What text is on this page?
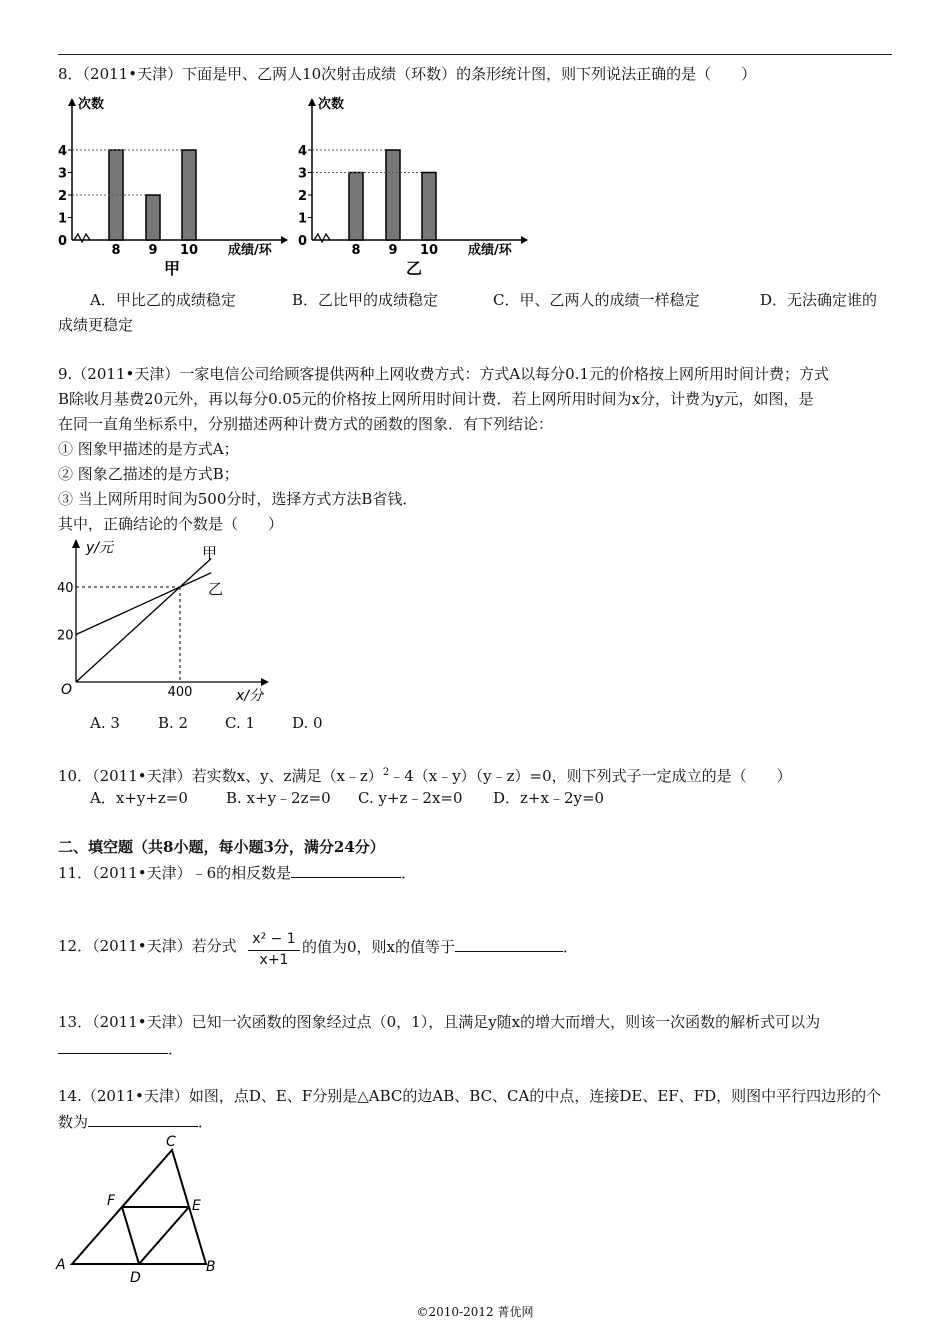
8．（2011•天津）下面是甲、乙两人10次射击成绩（环数）的条形统计图，则下列说法正确的是（　　）
次数
成绩/环
甲
0
1
2
3
4
8 9 10
次数
成绩/环
乙
0
1
2
3
4
8 9 10
A．甲比乙的成绩稳定	B．乙比甲的成绩稳定	C．甲、乙两人的成绩一样稳定	D．无法确定谁的
成绩更稳定
9.（2011•天津）一家电信公司给顾客提供两种上网收费方式：方式A以每分0.1元的价格按上网所用时间计费；方式
B除收月基费20元外，再以每分0.05元的价格按上网所用时间计费．若上网所用时间为x分，计费为y元，如图，是
在同一直角坐标系中，分别描述两种计费方式的函数的图象．有下列结论：
① 图象甲描述的是方式A；
② 图象乙描述的是方式B；
③ 当上网所用时间为500分时，选择方式方法B省钱．
其中，正确结论的个数是（　　）
y/元
x/分
O
甲
乙
40
20
400
A. 3	B. 2 C. 1 D. 0
10．（2011•天津）若实数x、y、z满足（x﹣z）$^2$﹣4（x﹣y）（y﹣z）=0，则下列式子一定成立的是（　　）
A．x+y+z=0	B. x+y﹣2z=0 C. y+z﹣2x=0 D．z+x﹣2y=0
二、填空题（共8小题，每小题3分，满分24分）
11．（2011•天津）﹣6的相反数是	．
12．（2011•天津）若分式 $\frac{\text{x² − 1}}{x+1}$ 的值为0，则x的值等于	．
13．（2011•天津）已知一次函数的图象经过点（0，1），且满足y随x的增大而增大，则该一次函数的解析式可以为
．
14.（2011•天津）如图，点D、E、F分别是△ABC的边AB、BC、CA的中点，连接DE、EF、FD，则图中平行四边形的个
数为	．
A	B
C
D
E
F
©2010-2012 菁优网
